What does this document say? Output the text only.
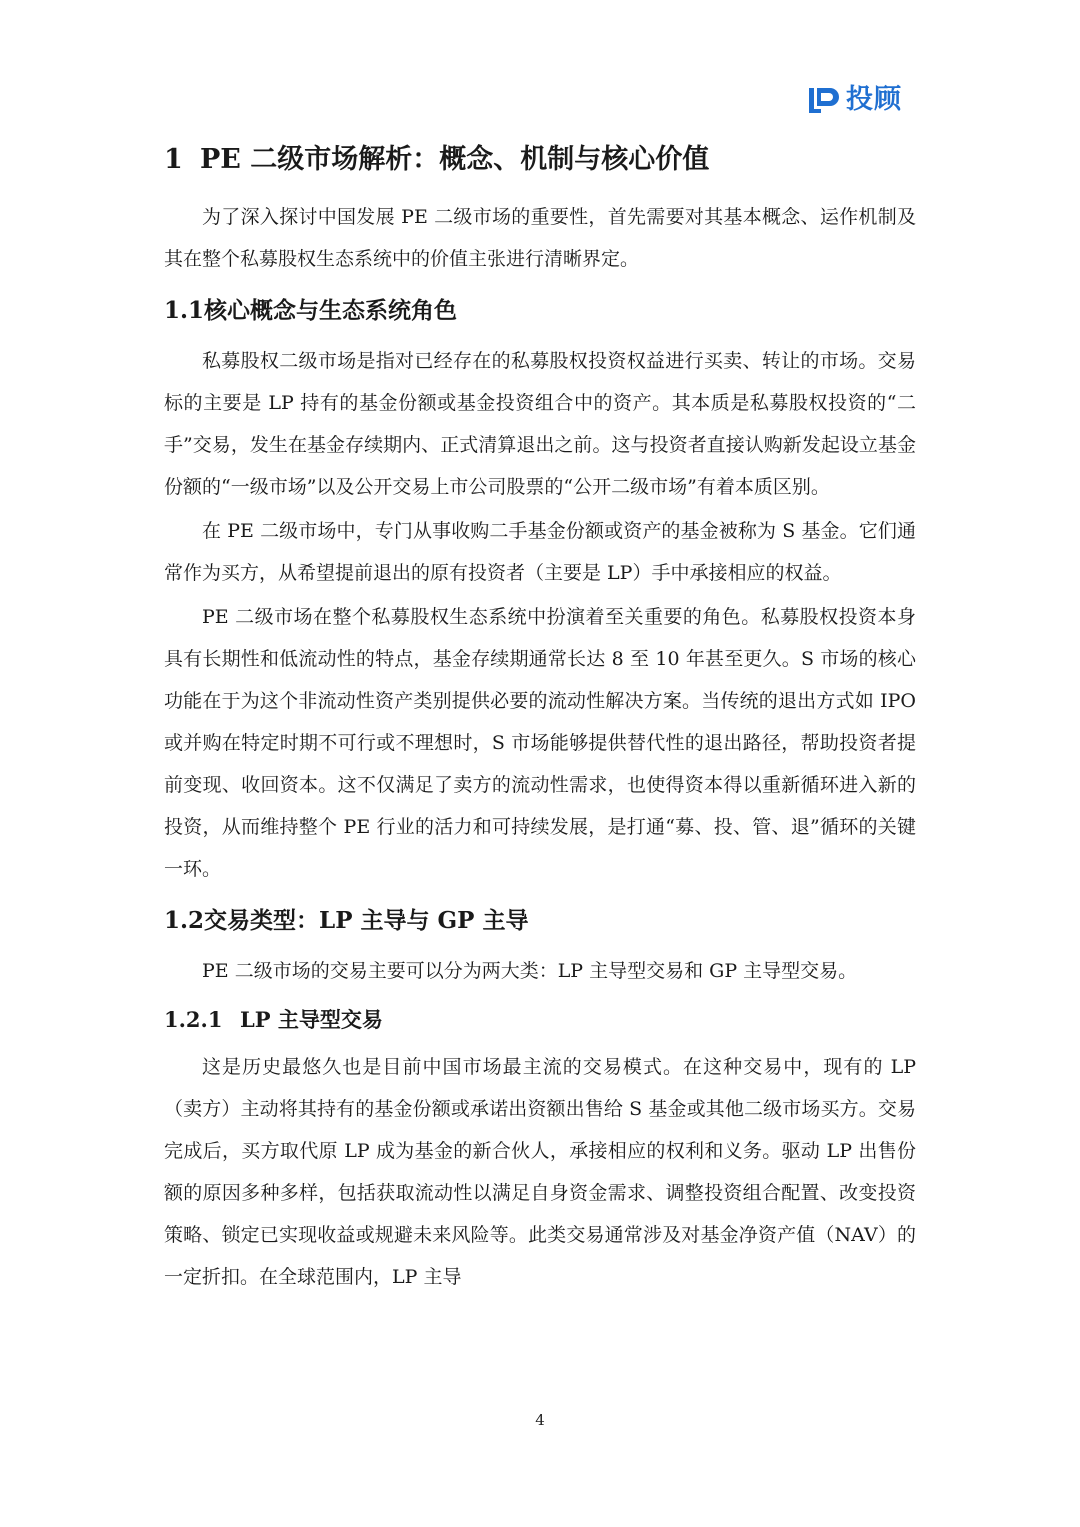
投顾
1 PE 二级市场解析：概念、机制与核心价值

为了深入探讨中国发展 PE 二级市场的重要性，首先需要对其基本概念、运作机制及其在整个私募股权生态系统中的价值主张进行清晰界定。

1.1核心概念与生态系统角色

私募股权二级市场是指对已经存在的私募股权投资权益进行买卖、转让的市场。交易标的主要是 LP 持有的基金份额或基金投资组合中的资产。其本质是私募股权投资的“二手”交易，发生在基金存续期内、正式清算退出之前。这与投资者直接认购新发起设立基金份额的“一级市场”以及公开交易上市公司股票的“公开二级市场”有着本质区别。

在 PE 二级市场中，专门从事收购二手基金份额或资产的基金被称为 S 基金。它们通常作为买方，从希望提前退出的原有投资者（主要是 LP）手中承接相应的权益。

PE 二级市场在整个私募股权生态系统中扮演着至关重要的角色。私募股权投资本身具有长期性和低流动性的特点，基金存续期通常长达 8 至 10 年甚至更久。S 市场的核心功能在于为这个非流动性资产类别提供必要的流动性解决方案。当传统的退出方式如 IPO 或并购在特定时期不可行或不理想时，S 市场能够提供替代性的退出路径，帮助投资者提前变现、收回资本。这不仅满足了卖方的流动性需求，也使得资本得以重新循环进入新的投资，从而维持整个 PE 行业的活力和可持续发展，是打通“募、投、管、退”循环的关键一环。

1.2交易类型：LP 主导与 GP 主导

PE 二级市场的交易主要可以分为两大类：LP 主导型交易和 GP 主导型交易。

1.2.1 LP 主导型交易

这是历史最悠久也是目前中国市场最主流的交易模式。在这种交易中，现有的 LP（卖方）主动将其持有的基金份额或承诺出资额出售给 S 基金或其他二级市场买方。交易完成后，买方取代原 LP 成为基金的新合伙人，承接相应的权利和义务。驱动 LP 出售份额的原因多种多样，包括获取流动性以满足自身资金需求、调整投资组合配置、改变投资策略、锁定已实现收益或规避未来风险等。此类交易通常涉及对基金净资产值（NAV）的一定折扣。在全球范围内，LP 主导

4
